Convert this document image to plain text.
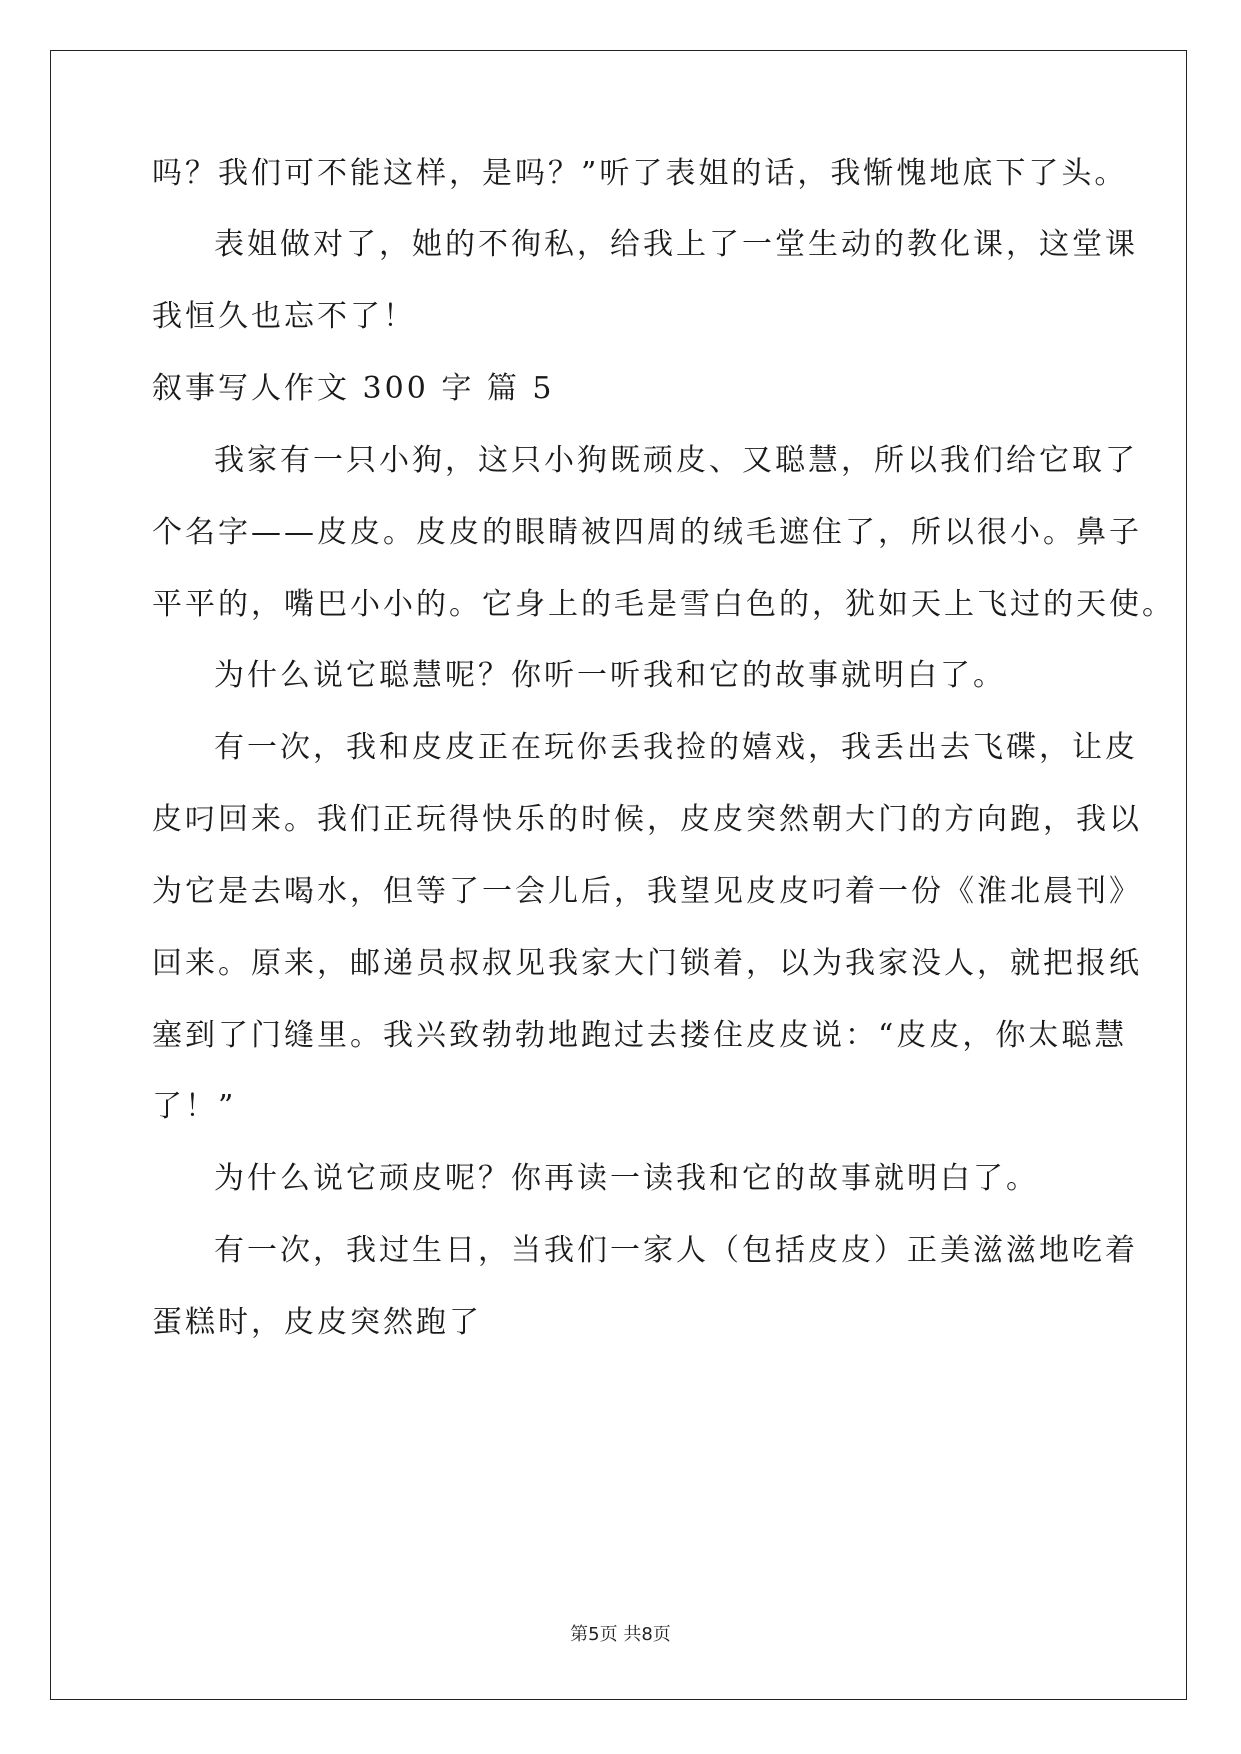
吗？我们可不能这样，是吗？”听了表姐的话，我惭愧地底下了头。
表姐做对了，她的不徇私，给我上了一堂生动的教化课，这堂课
我恒久也忘不了！
叙事写人作文 300 字 篇 5
我家有一只小狗，这只小狗既顽皮、又聪慧，所以我们给它取了
个名字——皮皮。皮皮的眼睛被四周的绒毛遮住了，所以很小。鼻子
平平的，嘴巴小小的。它身上的毛是雪白色的，犹如天上飞过的天使。
为什么说它聪慧呢？你听一听我和它的故事就明白了。
有一次，我和皮皮正在玩你丢我捡的嬉戏，我丢出去飞碟，让皮
皮叼回来。我们正玩得快乐的时候，皮皮突然朝大门的方向跑，我以
为它是去喝水，但等了一会儿后，我望见皮皮叼着一份《淮北晨刊》
回来。原来，邮递员叔叔见我家大门锁着，以为我家没人，就把报纸
塞到了门缝里。我兴致勃勃地跑过去搂住皮皮说：“皮皮，你太聪慧
了！”
为什么说它顽皮呢？你再读一读我和它的故事就明白了。
有一次，我过生日，当我们一家人（包括皮皮）正美滋滋地吃着
蛋糕时，皮皮突然跑了
第5页 共8页
